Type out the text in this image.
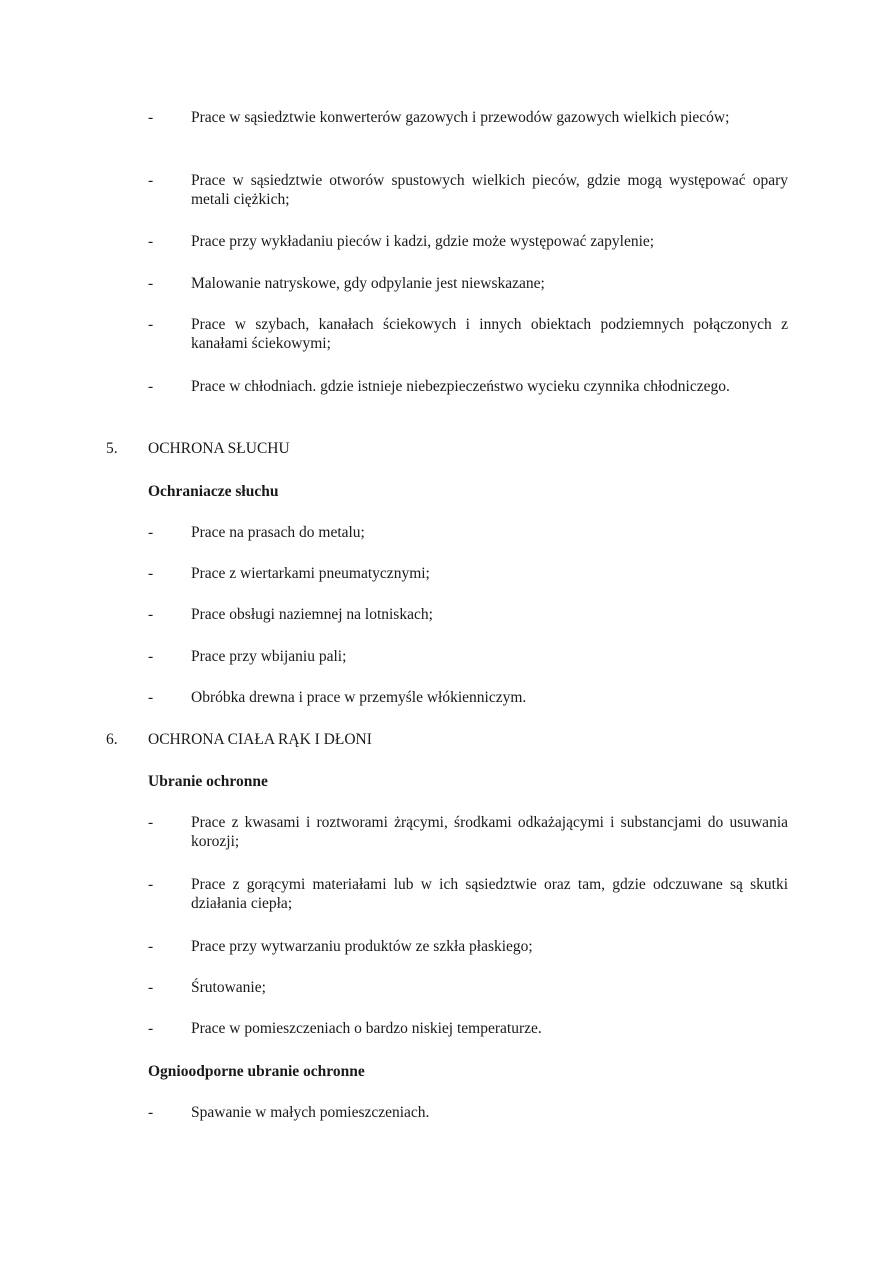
-	Prace w sąsiedztwie konwerterów gazowych i przewodów gazowych wielkich pieców;
-	Prace w sąsiedztwie otworów spustowych wielkich pieców, gdzie mogą występować opary metali ciężkich;
-	Prace przy wykładaniu pieców i kadzi, gdzie może występować zapylenie;
-	Malowanie natryskowe, gdy odpylanie jest niewskazane;
-	Prace w szybach, kanałach ściekowych i innych obiektach podziemnych połączonych z kanałami ściekowymi;
-	Prace w chłodniach. gdzie istnieje niebezpieczeństwo wycieku czynnika chłodniczego.
5.	OCHRONA SŁUCHU
Ochraniacze słuchu
-	Prace na prasach do metalu;
-	Prace z wiertarkami pneumatycznymi;
-	Prace obsługi naziemnej na lotniskach;
-	Prace przy wbijaniu pali;
-	Obróbka drewna i prace w przemyśle włókienniczym.
6.	OCHRONA CIAŁA RĄK I DŁONI
Ubranie ochronne
-	Prace z kwasami i roztworami żrącymi, środkami odkażającymi i substancjami do usuwania korozji;
-	Prace z gorącymi materiałami lub w ich sąsiedztwie oraz tam, gdzie odczuwane są skutki działania ciepła;
-	Prace przy wytwarzaniu produktów ze szkła płaskiego;
-	Śrutowanie;
-	Prace w pomieszczeniach o bardzo niskiej temperaturze.
Ognioodporne ubranie ochronne
-	Spawanie w małych pomieszczeniach.
